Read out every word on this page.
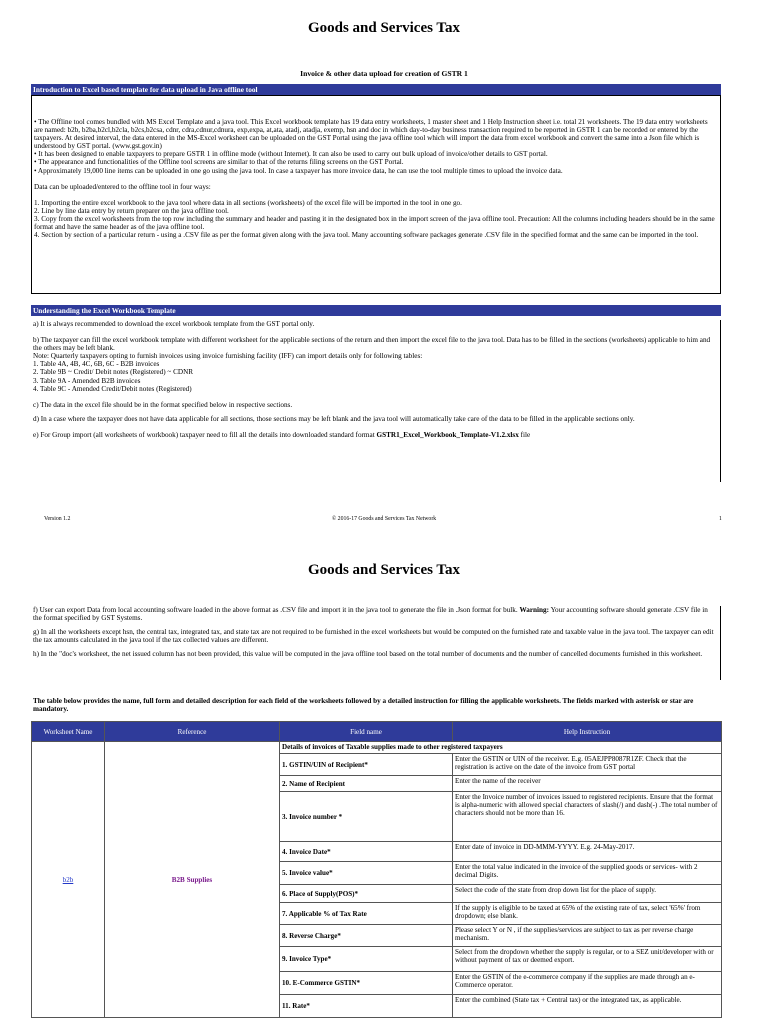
Goods and Services Tax
Invoice & other data upload for creation of GSTR 1
Introduction to Excel based template for data upload in Java offline tool

• The Offline tool comes bundled with MS Excel Template and a java tool. This Excel workbook template has 19 data entry worksheets, 1 master sheet and 1 Help Instruction sheet i.e. total 21 worksheets. The 19 data entry worksheets are named: b2b, b2ba,b2cl,b2cla, b2cs,b2csa, cdnr, cdra,cdnur,cdnura, exp,expa, at,ata, atadj, atadja, exemp, hsn and doc in which day-to-day business transaction required to be reported in GSTR 1 can be recorded or entered by the taxpayers. At desired interval, the data entered in the MS-Excel worksheet can be uploaded on the GST Portal using the java offline tool which will import the data from excel workbook and convert the same into a Json file which is understood by GST portal. (www.gst.gov.in)

• It has been designed to enable taxpayers to prepare GSTR 1 in offline mode (without Internet). It can also be used to carry out bulk upload of invoice/other details to GST portal.

• The appearance and functionalities of the Offline tool screens are similar to that of the returns filing screens on the GST Portal.

• Approximately 19,000 line items can be uploaded in one go using the java tool. In case a taxpayer has more invoice data, he can use the tool multiple times to upload the invoice data.

Data can be uploaded/entered to the offline tool in four ways:

1. Importing the entire excel workbook to the java tool where data in all sections (worksheets) of the excel file will be imported in the tool in one go.

2. Line by line data entry by return preparer on the java offline tool.

3. Copy from the excel worksheets from the top row including the summary and header and pasting it in the designated box in the import screen of the java offline tool. Precaution: All the columns including headers should be in the same format and have the same header as of the java offline tool.

4. Section by section of a particular return - using a .CSV file as per the format given along with the java tool. Many accounting software packages generate .CSV file in the specified format and the same can be imported in the tool.

Understanding the Excel Workbook Template

a) It is always recommended to download the excel workbook template from the GST portal only.

b) The taxpayer can fill the excel workbook template with different worksheet for the applicable sections of the return and then import the excel file to the java tool. Data has to be filled in the sections (worksheets) applicable to him and the others may be left blank.

Note: Quarterly taxpayers opting to furnish invoices using invoice furnishing facility (IFF) can import details only for following tables:

1. Table 4A, 4B, 4C, 6B, 6C - B2B invoices

2. Table 9B ~ Credit/ Debit notes (Registered) ~ CDNR

3. Table 9A - Amended B2B invoices

4. Table 9C - Amended Credit/Debit notes (Registered)

c) The data in the excel file should be in the format specified below in respective sections.

d) In a case where the taxpayer does not have data applicable for all sections, those sections may be left blank and the java tool will automatically take care of the data to be filled in the applicable sections only.

e) For Group import (all worksheets of workbook) taxpayer need to fill all the details into downloaded standard format GSTR1_Excel_Workbook_Template-V1.2.xlsx file

Version 1.2	© 2016-17 Goods and Services Tax Network	1
Goods and Services Tax

f) User can export Data from local accounting software loaded in the above format as .CSV file and import it in the java tool to generate the file in .Json format for bulk. Warning: Your accounting software should generate .CSV file in the format specified by GST Systems.

g) In all the worksheets except hsn, the central tax, integrated tax, and state tax are not required to be furnished in the excel worksheets but would be computed on the furnished rate and taxable value in the java tool. The taxpayer can edit the tax amounts calculated in the java tool if the tax collected values are different.

h) In the "doc's worksheet, the net issued column has not been provided, this value will be computed in the java offline tool based on the total number of documents and the number of cancelled documents furnished in this worksheet.

The table below provides the name, full form and detailed description for each field of the worksheets followed by a detailed instruction for filling the applicable worksheets. The fields marked with asterisk or star are mandatory.
Worksheet Name	Reference	Field name	Help Instruction
b2b	B2B Supplies	Details of invoices of Taxable supplies made to other registered taxpayers	
		1. GSTIN/UIN of Recipient*	Enter the GSTIN or UIN of the receiver. E.g. 05AEJPP8087R1ZF. Check that the registration is active on the date of the invoice from GST portal
		2. Name of Recipient	Enter the name of the receiver
		3. Invoice number *	Enter the Invoice number of invoices issued to registered recipients. Ensure that the format is alpha-numeric with allowed special characters of slash(/) and dash(-) .The total number of characters should not be more than 16.
		4. Invoice Date*	Enter date of invoice in DD-MMM-YYYY. E.g. 24-May-2017.
		5. Invoice value*	Enter the total value indicated in the invoice of the supplied goods or services- with 2 decimal Digits.
		6. Place of Supply(POS)*	Select the code of the state from drop down list for the place of supply.
		7. Applicable % of Tax Rate	If the supply is eligible to be taxed at 65% of the existing rate of tax, select '65%' from dropdown; else blank.
		8. Reverse Charge*	Please select Y or N , if the supplies/services are subject to tax as per reverse charge mechanism.
		9. Invoice Type*	Select from the dropdown whether the supply is regular, or to a SEZ unit/developer with or without payment of tax or deemed export.
		10. E-Commerce GSTIN*	Enter the GSTIN of the e-commerce company if the supplies are made through an e-Commerce operator.
		11. Rate*	Enter the combined (State tax + Central tax) or the integrated tax, as applicable.
